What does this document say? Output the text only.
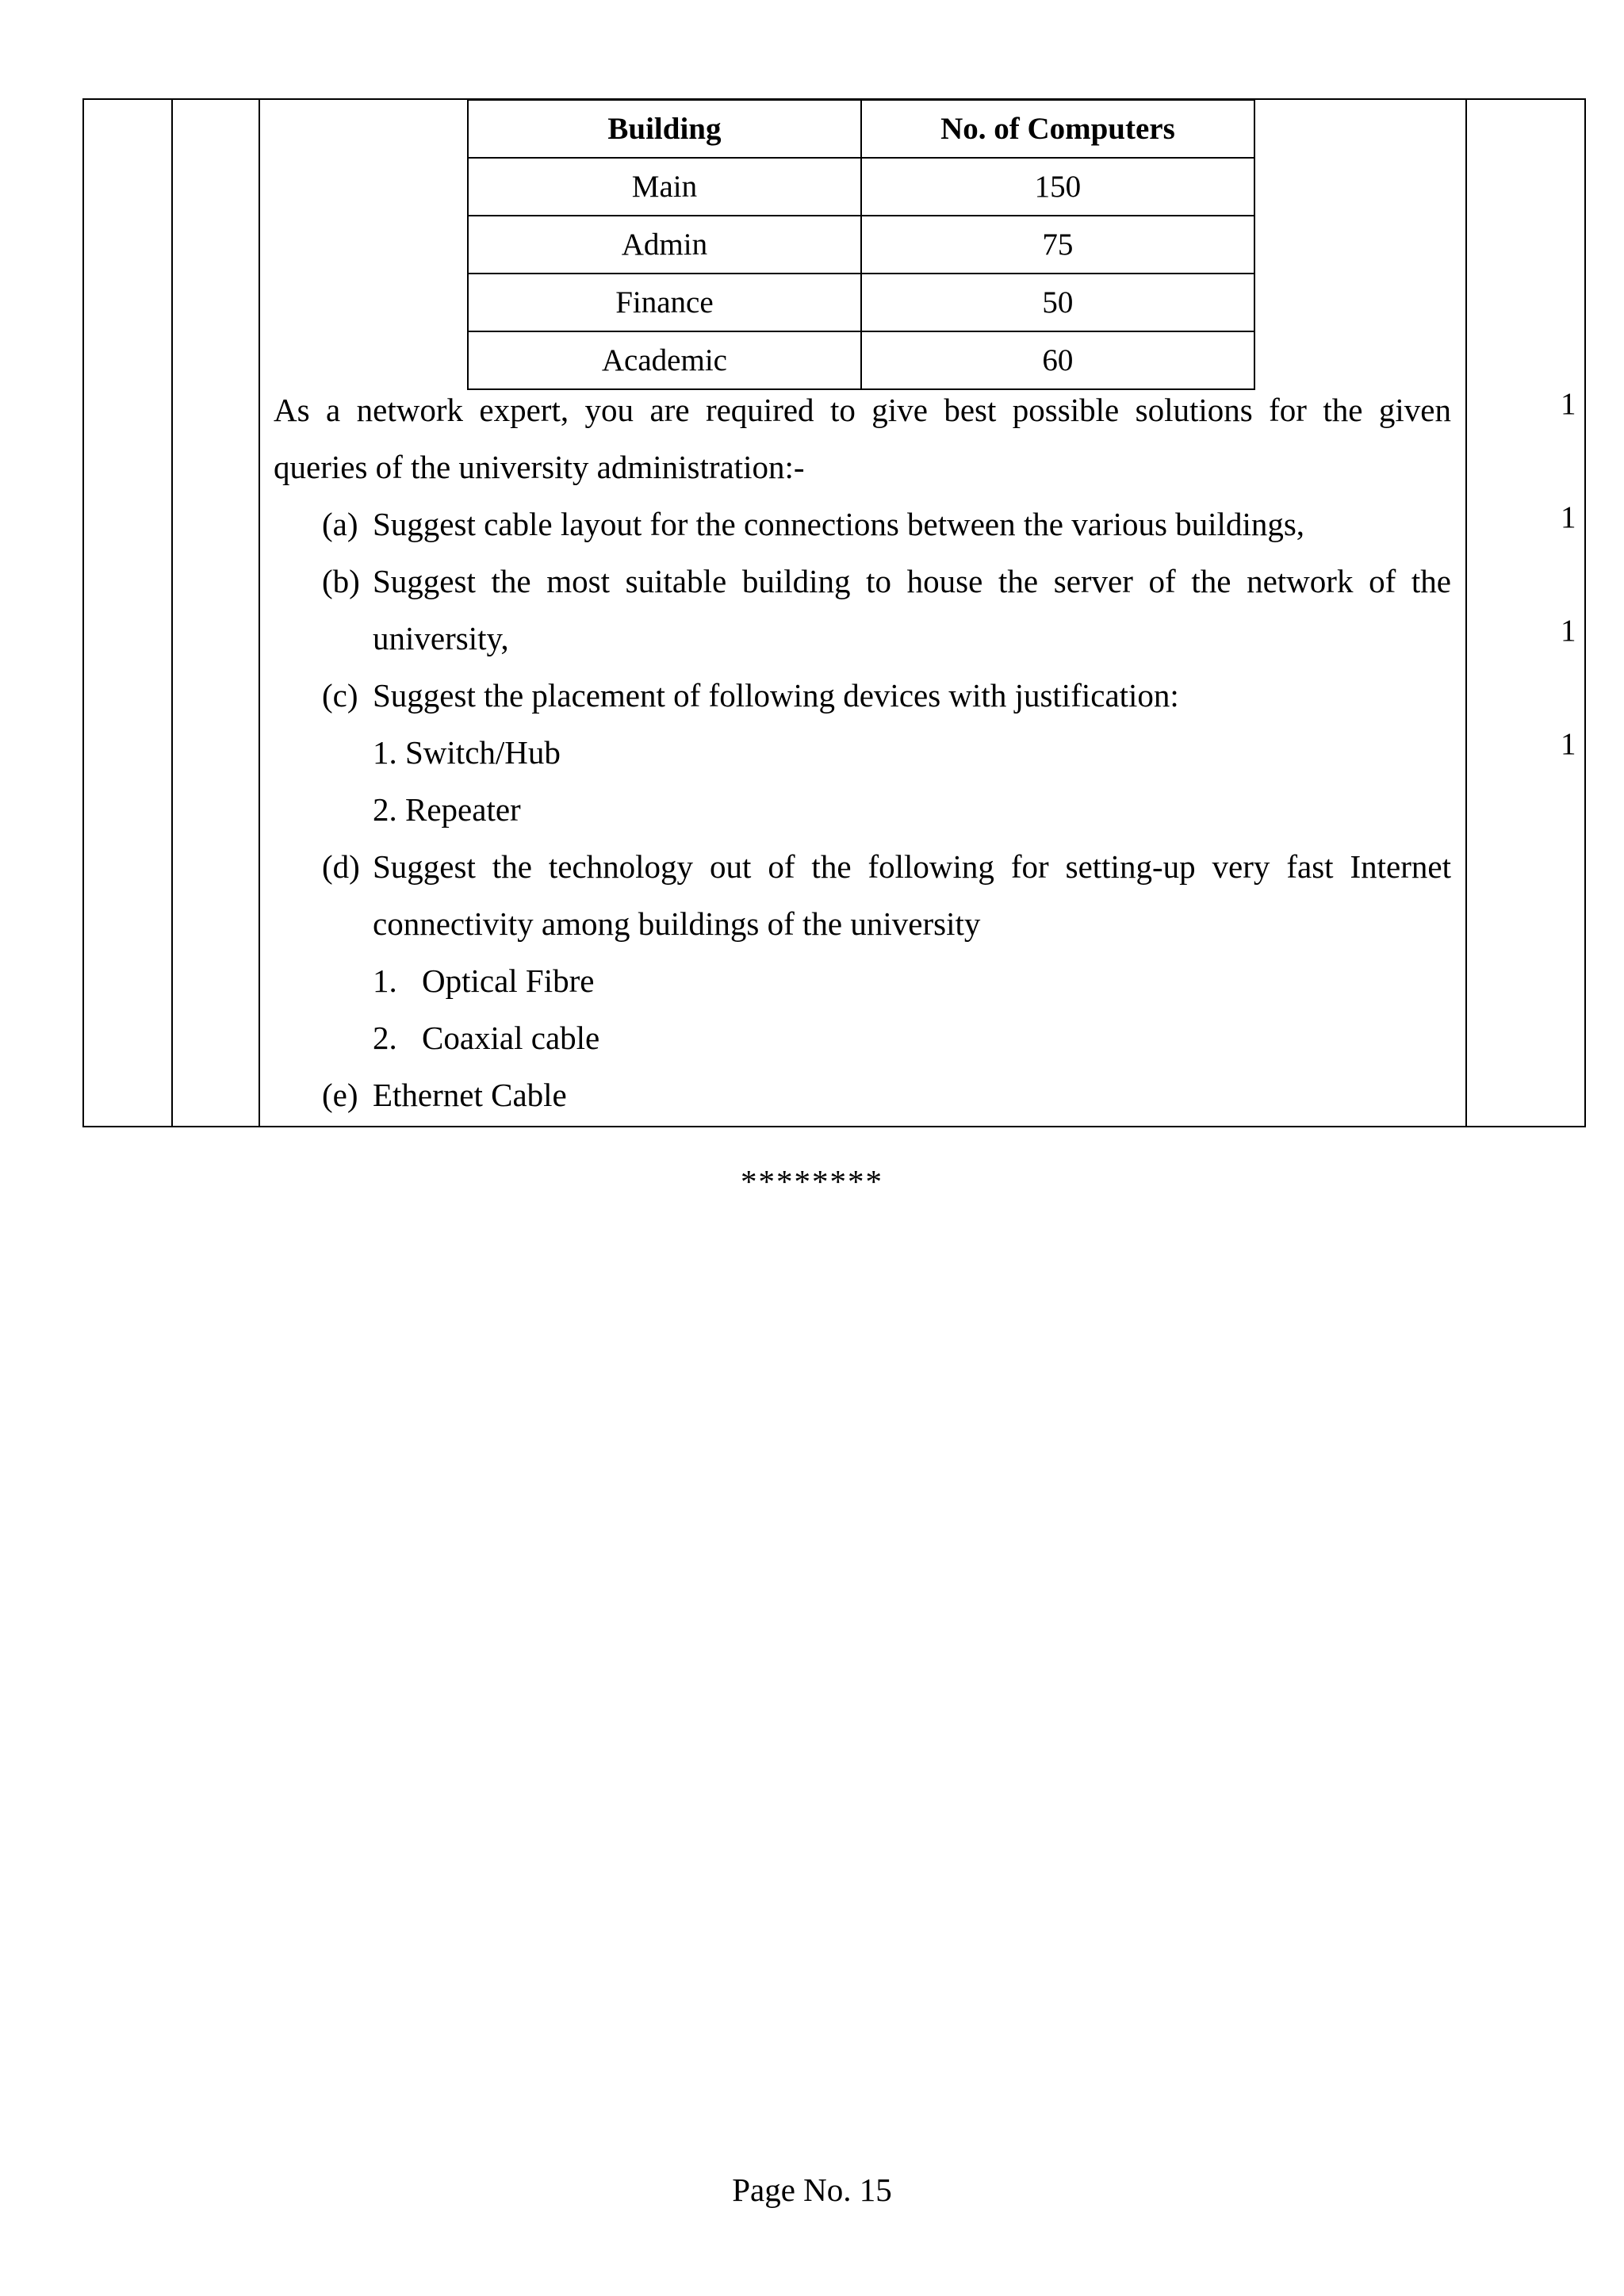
Building	No. of Computers
Main	150
Admin	75
Finance	50
Academic	60
As a network expert, you are required to give best possible solutions for the given
queries of the university administration:-
(a) Suggest cable layout for the connections between the various buildings,
(b) Suggest the most suitable building to house the server of the network of the
university,
(c) Suggest the placement of following devices with justification:
1. Switch/Hub
2. Repeater
(d) Suggest the technology out of the following for setting-up very fast Internet
connectivity among buildings of the university
1. Optical Fibre
2. Coaxial cable
(e) Ethernet Cable
1
1
1
1
********
Page No. 15
